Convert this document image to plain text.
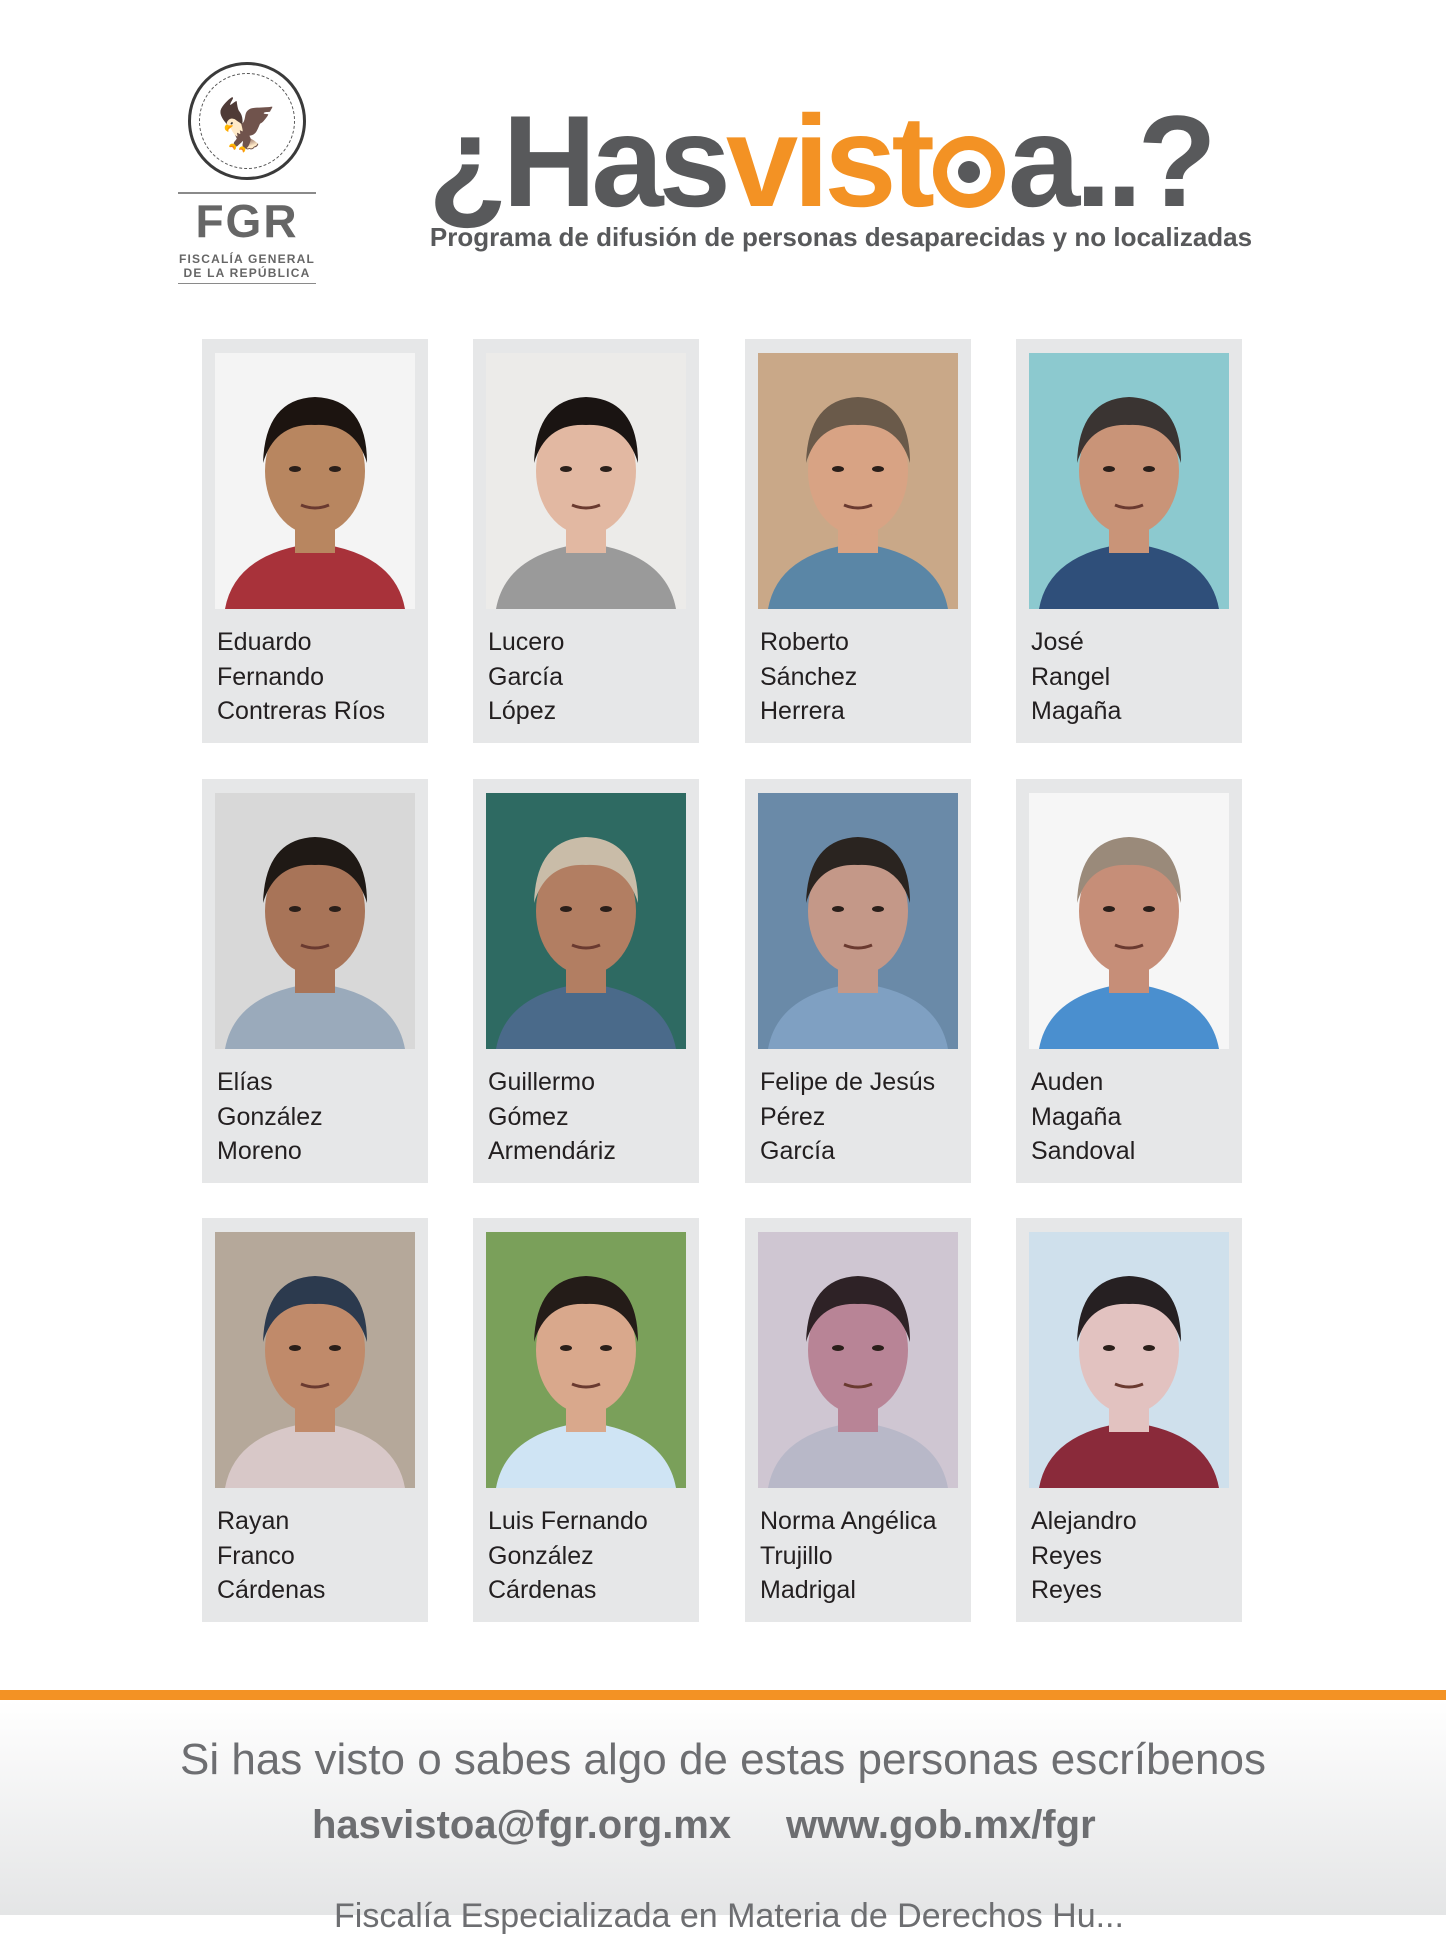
🦅
FGR
FISCALÍA GENERAL
DE LA REPÚBLICA
¿Hasvist a..?
Programa de difusión de personas desaparecidas y no localizadas
Eduardo
Fernando
Contreras Ríos
Lucero
García
López
Roberto
Sánchez
Herrera
José
Rangel
Magaña
Elías
González
Moreno
Guillermo
Gómez
Armendáriz
Felipe de Jesús
Pérez
García
Auden
Magaña
Sandoval
Rayan
Franco
Cárdenas
Luis Fernando
González
Cárdenas
Norma Angélica
Trujillo
Madrigal
Alejandro
Reyes
Reyes
Si has visto o sabes algo de estas personas escríbenos
hasvistoa@fgr.org.mx www.gob.mx/fgr
Fiscalía Especializada en Materia de Derechos Hu...
